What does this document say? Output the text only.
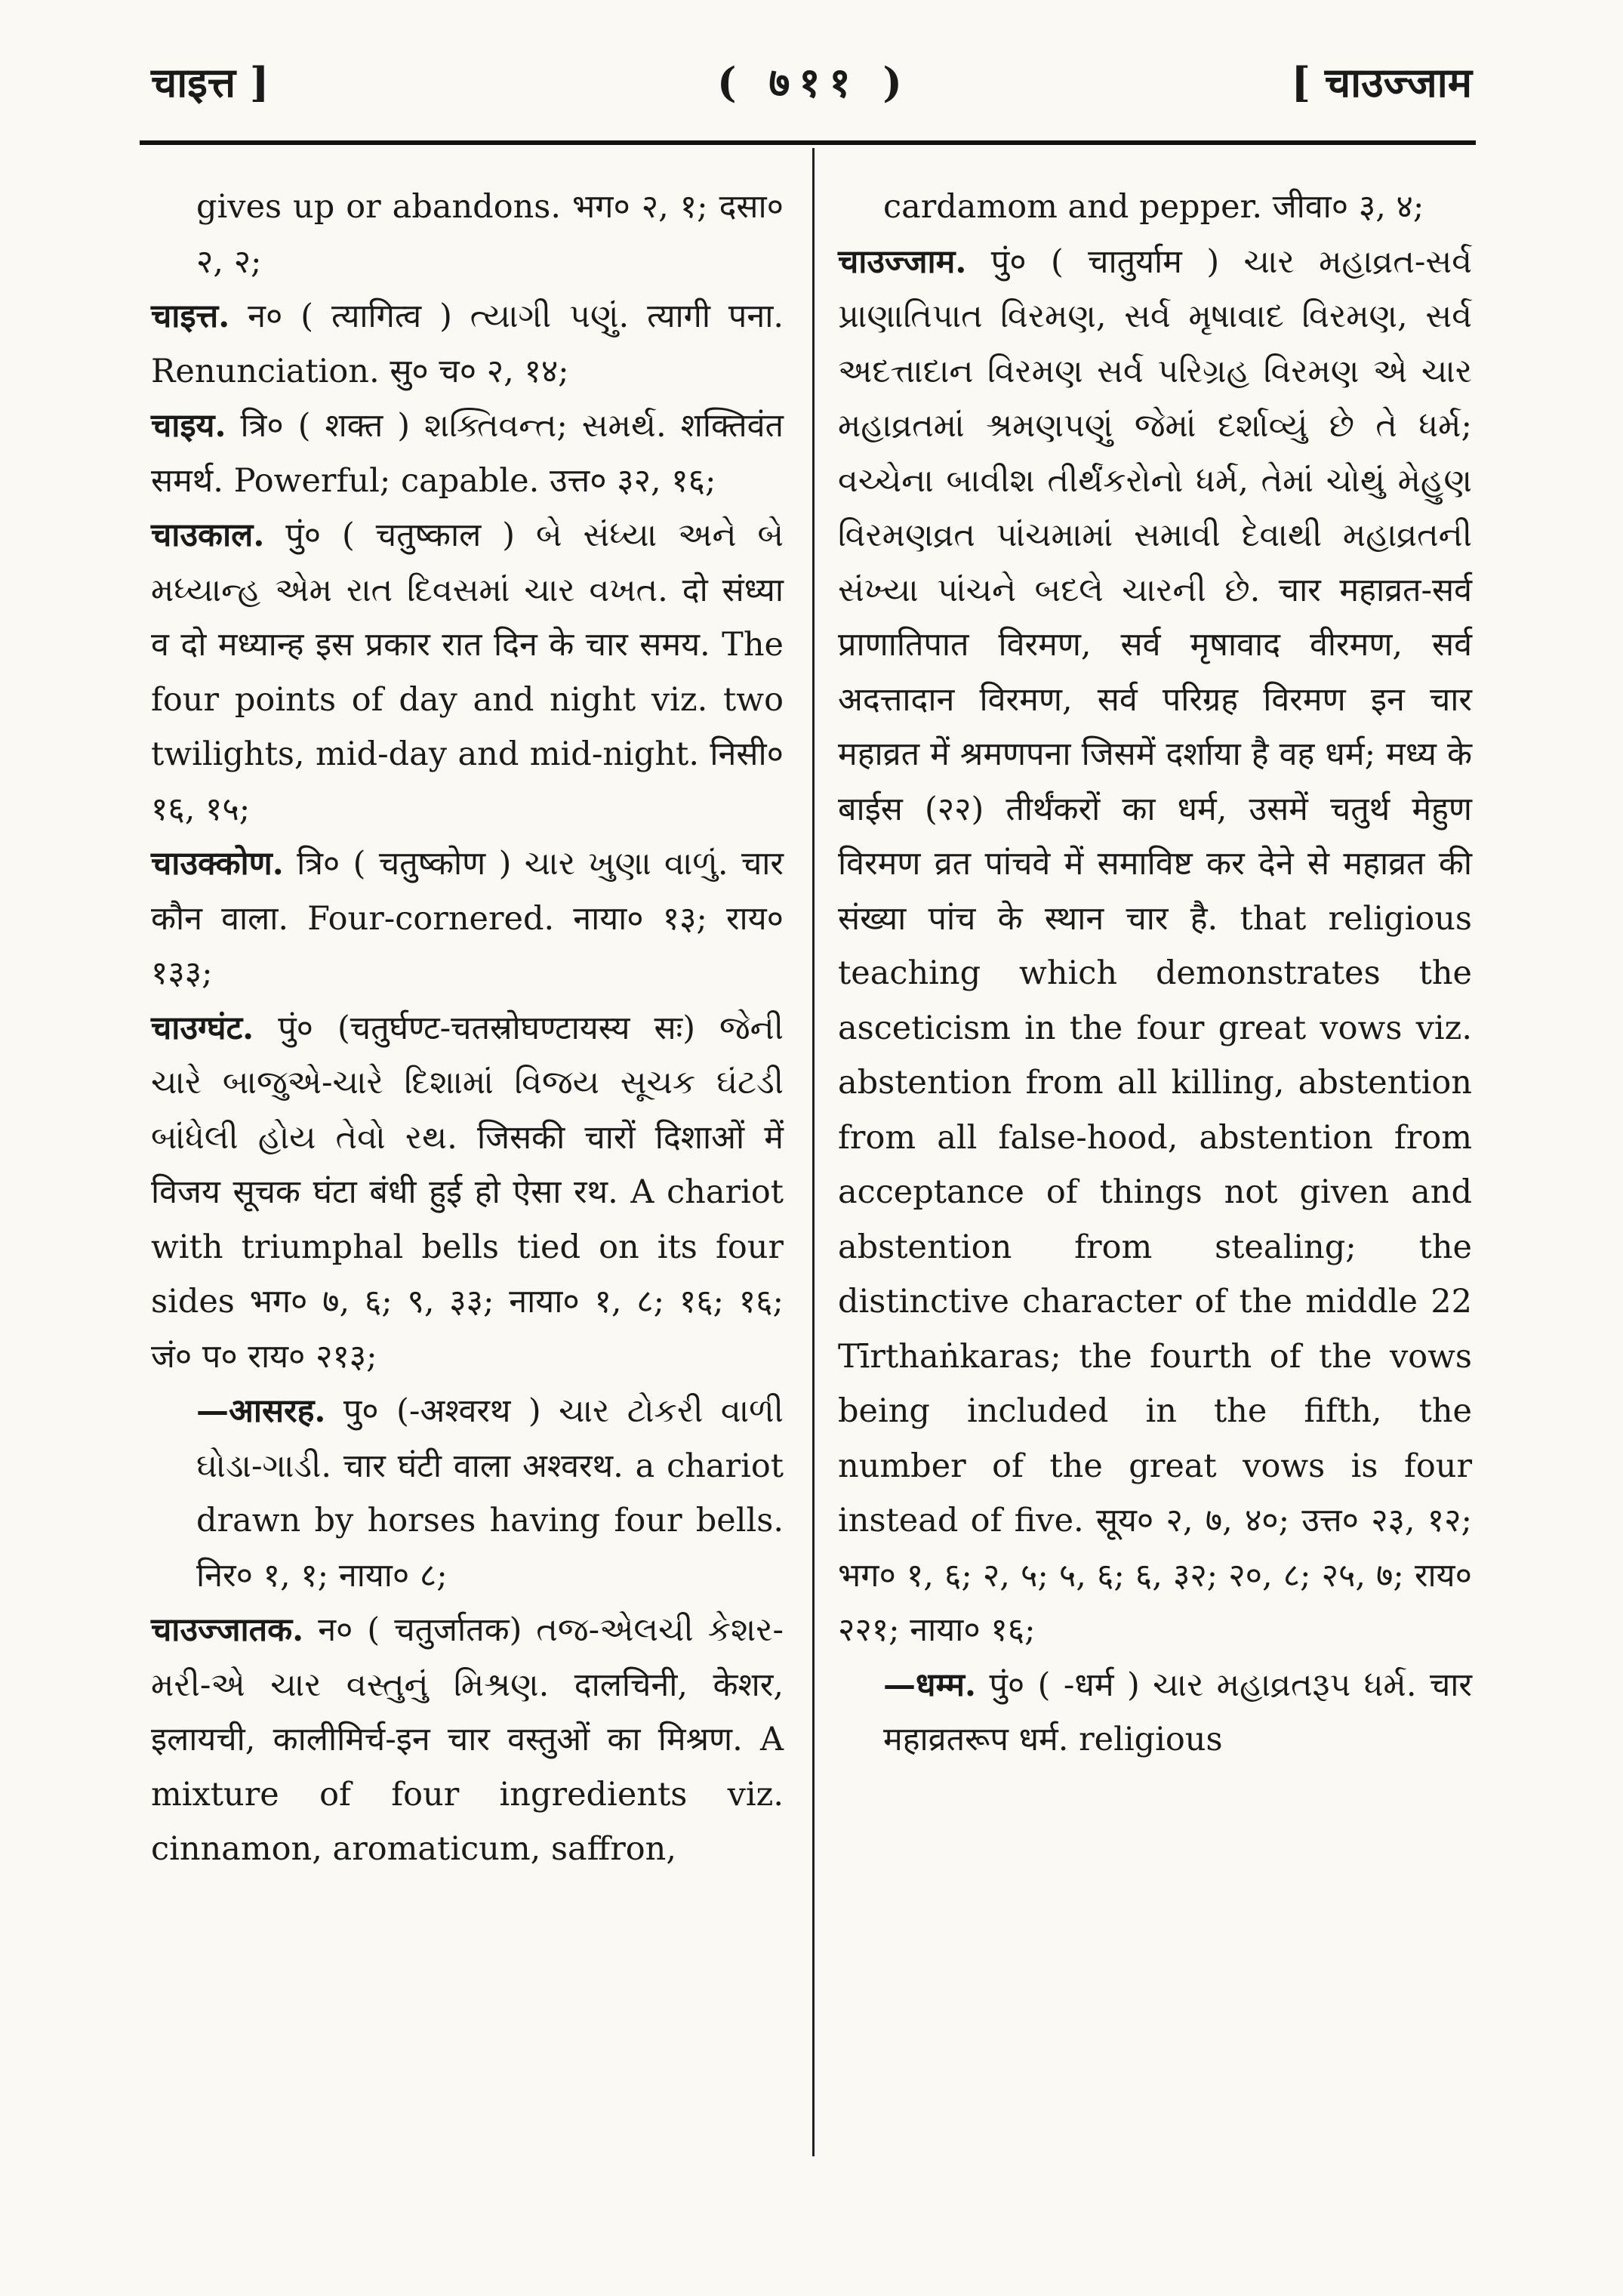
चाइत्त ]	( ७११ )	[ चाउज्जाम

gives up or abandons. भग० २, १; दसा० २, २;

चाइत्त. न० ( त्यागित्व ) ત્યાગી પણું. त्यागी पना. Renunciation. सु० च० २, १४;

चाइय. त्रि० ( शक्त ) શક્તિવન્ત; સમર્થ. शक्तिवंत समर्थ. Powerful; capable. उत्त० ३२, १६;

चाउकाल. पुं० ( चतुष्काल ) બે સંધ્યા અને બે મધ્યાન્હ એમ રાત દિવસમાં ચાર વખત. दो संध्या व दो मध्यान्ह इस प्रकार रात दिन के चार समय. The four points of day and night viz. two twilights, mid-day and mid-night. निसी० १६, १५;

चाउक्कोण. त्रि० ( चतुष्कोण ) ચાર ખુણા વાળું. चार कौन वाला. Four-cornered. नाया० १३; राय० १३३;

चाउग्घंट. पुं० (चतुर्घण्ट-चतस्रोघण्टायस्य सः) જેની ચારે બાજુએ-ચારે દિશામાં વિજય સૂચક ઘંટડી બાંધેલી હોય તેવો રથ. जिसकी चारों दिशाओं में विजय सूचक घंटा बंधी हुई हो ऐसा रथ. A chariot with triumphal bells tied on its four sides भग० ७, ६; ९, ३३; नाया० १, ८; १६; १६; जं० प० राय० २१३;

—आसरह. पु० (-अश्वरथ ) ચાર ટોકરી વાળી ઘોડા-ગાડી. चार घंटी वाला अश्वरथ. a chariot drawn by horses having four bells. निर० १, १; नाया० ८;

चाउज्जातक. न० ( चतुर्जातक) તજ-એલચી કેશર-મરી-એ ચાર વસ્તુનું મિશ્રણ. दालचिनी, केशर, इलायची, कालीमिर्च-इन चार वस्तुओं का मिश्रण. A mixture of four ingredients viz. cinnamon, aromaticum, saffron,

cardamom and pepper. जीवा० ३, ४;

चाउज्जाम. पुं० ( चातुर्याम ) ચાર મહાવ્રત-સર્વ પ્રાણાતિપાત વિરમણ, સર્વ મૃષાવાદ વિરમણ, સર્વ અદત્તાદાન વિરમણ સર્વ પરિગ્રહ વિરમણ એ ચાર મહાવ્રતમાં શ્રમણપણું જેમાં દર્શાવ્યું છે તે ધર્મ; વચ્ચેના બાવીશ તીર્થંકરોનો ધર્મ, તેમાં ચોથું મેહુણ વિરમણવ્રત પાંચમામાં સમાવી દેવાથી મહાવ્રતની સંખ્યા પાંચને બદલે ચારની છે. चार महाव्रत-सर्व प्राणातिपात विरमण, सर्व मृषावाद वीरमण, सर्व अदत्तादान विरमण, सर्व परिग्रह विरमण इन चार महाव्रत में श्रमणपना जिसमें दर्शाया है वह धर्म; मध्य के बाईस (२२) तीर्थंकरों का धर्म, उसमें चतुर्थ मेहुण विरमण व्रत पांचवे में समाविष्ट कर देने से महाव्रत की संख्या पांच के स्थान चार है. that religious teaching which demonstrates the asceticism in the four great vows viz. abstention from all killing, abstention from all false-hood, abstention from acceptance of things not given and abstention from stealing; the distinctive character of the middle 22 Tīrthaṅkaras; the fourth of the vows being included in the fifth, the number of the great vows is four instead of five. सूय० २, ७, ४०; उत्त० २३, १२; भग० १, ६; २, ५; ५, ६; ६, ३२; २०, ८; २५, ७; राय० २२१; नाया० १६;

—धम्म. पुं० ( -धर्म ) ચાર મહાવ્રતરૂપ ધર્મ. चार महाव्रतरूप धर्म. religious
